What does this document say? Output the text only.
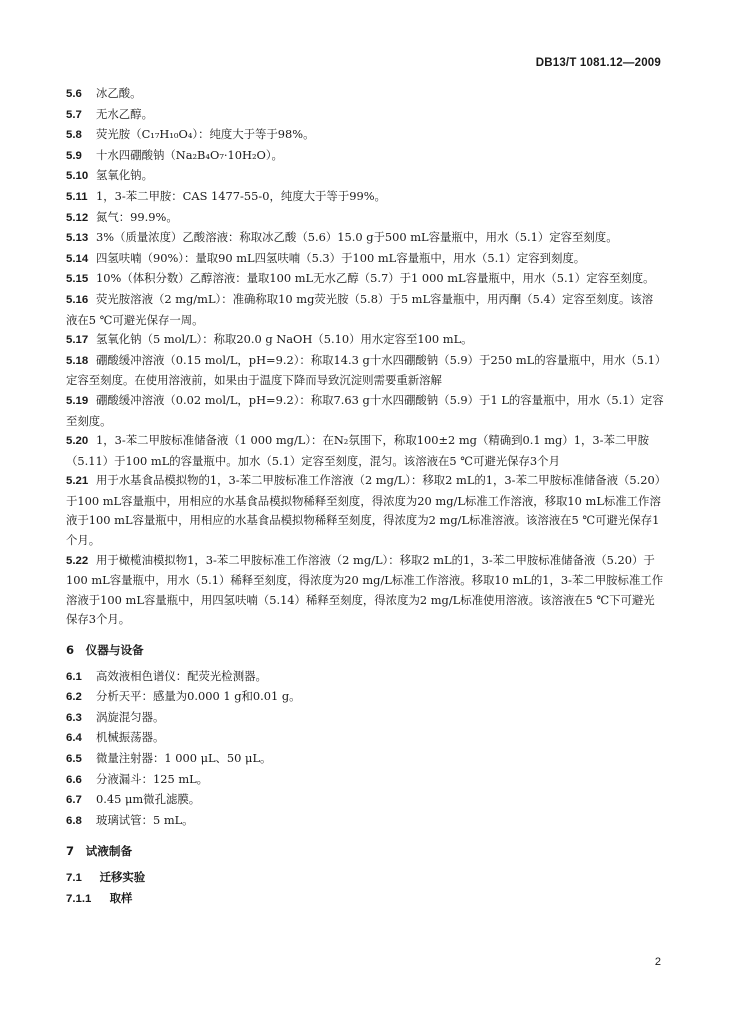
DB13/T 1081.12—2009

5.6 冰乙酸。

5.7 无水乙醇。

5.8 荧光胺（C₁₇H₁₀O₄）：纯度大于等于98%。

5.9 十水四硼酸钠（Na₂B₄O₇·10H₂O）。

5.10 氢氧化钠。

5.11 1，3-苯二甲胺：CAS 1477-55-0，纯度大于等于99%。

5.12 氮气：99.9%。

5.13 3%（质量浓度）乙酸溶液：称取冰乙酸（5.6）15.0 g于500 mL容量瓶中，用水（5.1）定容至刻度。

5.14 四氢呋喃（90%）：量取90 mL四氢呋喃（5.3）于100 mL容量瓶中，用水（5.1）定容到刻度。

5.15 10%（体积分数）乙醇溶液：量取100 mL无水乙醇（5.7）于1 000 mL容量瓶中，用水（5.1）定容至刻度。

5.16 荧光胺溶液（2 mg/mL）：准确称取10 mg荧光胺（5.8）于5 mL容量瓶中，用丙酮（5.4）定容至刻度。该溶液在5 ℃可避光保存一周。

5.17 氢氧化钠（5 mol/L）：称取20.0 g NaOH（5.10）用水定容至100 mL。

5.18 硼酸缓冲溶液（0.15 mol/L，pH=9.2）：称取14.3 g十水四硼酸钠（5.9）于250 mL的容量瓶中，用水（5.1）定容至刻度。在使用溶液前，如果由于温度下降而导致沉淀则需要重新溶解

5.19 硼酸缓冲溶液（0.02 mol/L，pH=9.2）：称取7.63 g十水四硼酸钠（5.9）于1 L的容量瓶中，用水（5.1）定容至刻度。

5.20 1，3-苯二甲胺标准储备液（1 000 mg/L）：在N₂氛围下，称取100±2 mg（精确到0.1 mg）1，3-苯二甲胺（5.11）于100 mL的容量瓶中。加水（5.1）定容至刻度，混匀。该溶液在5 ℃可避光保存3个月

5.21 用于水基食品模拟物的1，3-苯二甲胺标准工作溶液（2 mg/L）：移取2 mL的1，3-苯二甲胺标准储备液（5.20）于100 mL容量瓶中，用相应的水基食品模拟物稀释至刻度，得浓度为20 mg/L标准工作溶液，移取10 mL标准工作溶液于100 mL容量瓶中，用相应的水基食品模拟物稀释至刻度，得浓度为2 mg/L标准溶液。该溶液在5 ℃可避光保存1个月。

5.22 用于橄榄油模拟物1，3-苯二甲胺标准工作溶液（2 mg/L）：移取2 mL的1，3-苯二甲胺标准储备液（5.20）于100 mL容量瓶中，用水（5.1）稀释至刻度，得浓度为20 mg/L标准工作溶液。移取10 mL的1，3-苯二甲胺标准工作溶液于100 mL容量瓶中，用四氢呋喃（5.14）稀释至刻度，得浓度为2 mg/L标准使用溶液。该溶液在5 ℃下可避光保存3个月。

6　仪器与设备

6.1 高效液相色谱仪：配荧光检测器。

6.2 分析天平：感量为0.000 1 g和0.01 g。

6.3 涡旋混匀器。

6.4 机械振荡器。

6.5 微量注射器：1 000 μL、50 μL。

6.6 分液漏斗：125 mL。

6.7 0.45 μm微孔滤膜。

6.8 玻璃试管：5 mL。

7　试液制备

7.1 迁移实验

7.1.1 取样

2
